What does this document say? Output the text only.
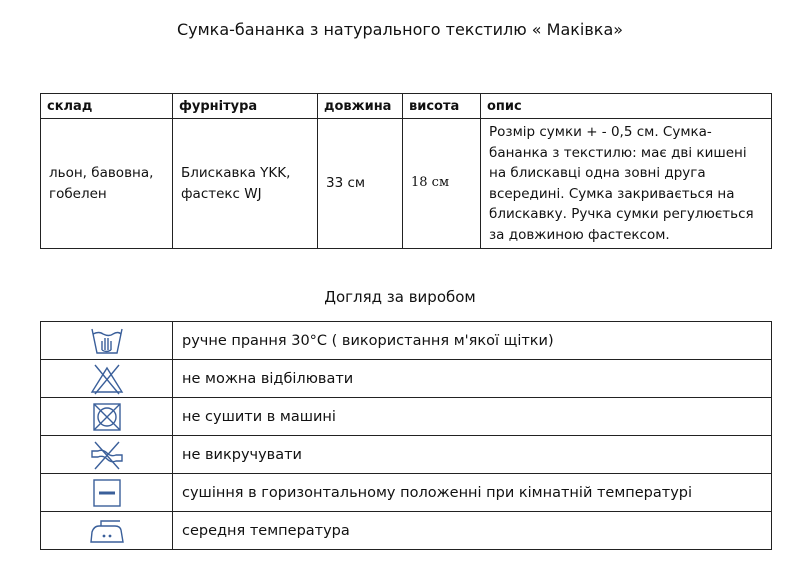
Сумка-бананка з натурального текстилю « Маківка»
склад	фурнітура	довжина	висота	опис
льон, бавовна, гобелен	Блискавка YKK, фастекс WJ	33 см	18 см	Розмір сумки + - 0,5 см. Сумка-бананка з текстилю: має дві кишені на блискавці одна зовні друга всередині. Сумка закривається на блискавку. Ручка сумки регулюється за довжиною фастексом.
Догляд за виробом
	ручне прання 30°C ( використання м'якої щітки)

	не можна відбілювати

	не сушити в машині

	не викручувати

	сушіння в горизонтальному положенні при кімнатній температурі

	середня температура
